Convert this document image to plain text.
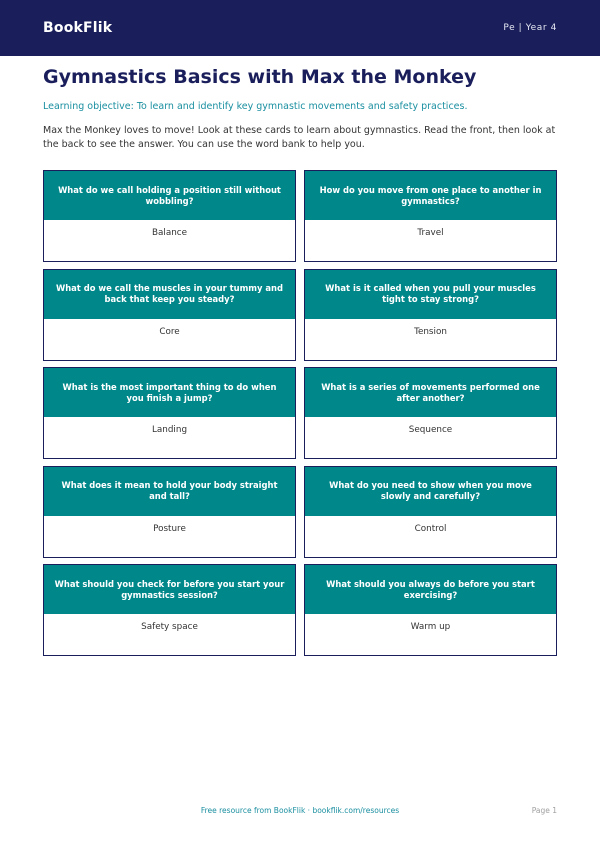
BookFlik	Pe | Year 4
Gymnastics Basics with Max the Monkey
Learning objective: To learn and identify key gymnastic movements and safety practices.
Max the Monkey loves to move! Look at these cards to learn about gymnastics. Read the front, then look at the back to see the answer. You can use the word bank to help you.
What do we call holding a position still without wobbling?
Balance
How do you move from one place to another in gymnastics?
Travel
What do we call the muscles in your tummy and back that keep you steady?
Core
What is it called when you pull your muscles tight to stay strong?
Tension
What is the most important thing to do when you finish a jump?
Landing
What is a series of movements performed one after another?
Sequence
What does it mean to hold your body straight and tall?
Posture
What do you need to show when you move slowly and carefully?
Control
What should you check for before you start your gymnastics session?
Safety space
What should you always do before you start exercising?
Warm up
Free resource from BookFlik · bookflik.com/resources	Page 1
